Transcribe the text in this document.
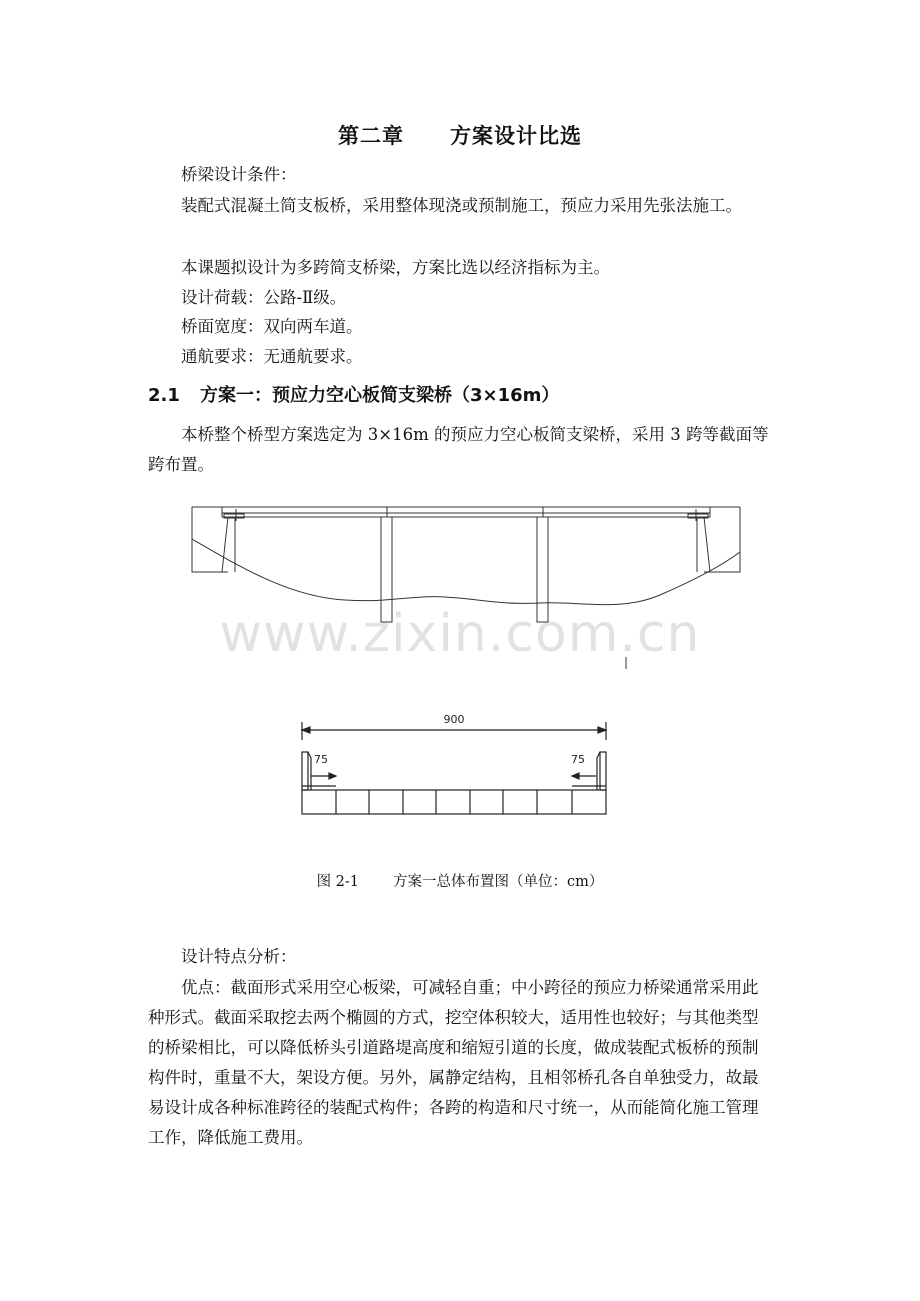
第二章 方案设计比选
桥梁设计条件：
装配式混凝土简支板桥，采用整体现浇或预制施工，预应力采用先张法施工。
本课题拟设计为多跨简支桥梁，方案比选以经济指标为主。
设计荷载：公路-Ⅱ级。
桥面宽度：双向两车道。
通航要求：无通航要求。
2.1 方案一：预应力空心板简支梁桥（3×16m）
本桥整个桥型方案选定为 3×16m 的预应力空心板简支梁桥，采用 3 跨等截面等跨布置。
www.zixin.com.cn
900
75	75
图 2-1 方案一总体布置图（单位：cm）
设计特点分析：
优点：截面形式采用空心板梁，可减轻自重；中小跨径的预应力桥梁通常采用此种形式。截面采取挖去两个椭圆的方式，挖空体积较大，适用性也较好；与其他类型的桥梁相比，可以降低桥头引道路堤高度和缩短引道的长度，做成装配式板桥的预制构件时，重量不大，架设方便。另外，属静定结构，且相邻桥孔各自单独受力，故最易设计成各种标准跨径的装配式构件；各跨的构造和尺寸统一，从而能简化施工管理工作，降低施工费用。
